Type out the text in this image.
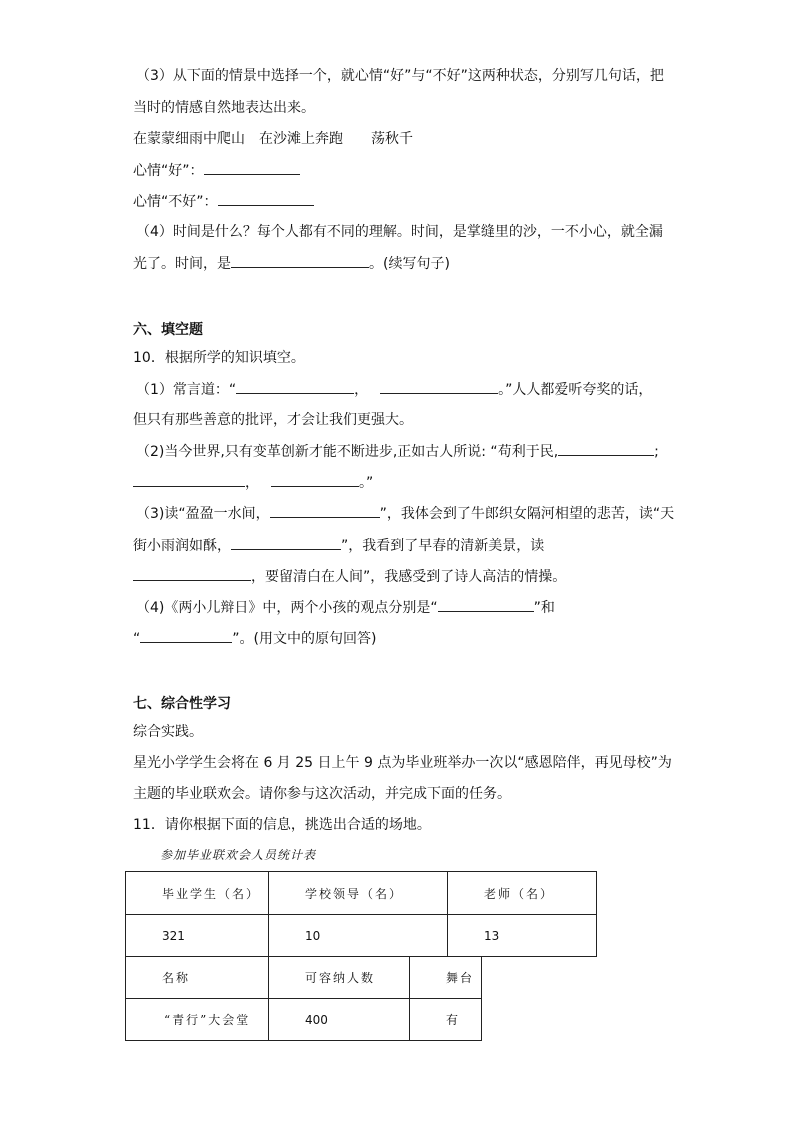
（3）从下面的情景中选择一个，就心情“好”与“不好”这两种状态，分别写几句话，把
当时的情感自然地表达出来。
在蒙蒙细雨中爬山　在沙滩上奔跑　　荡秋千
心情“好”：
心情“不好”：
（4）时间是什么？每个人都有不同的理解。时间，是掌缝里的沙，一不小心，就全漏
光了。时间，是	。(续写句子)
六、填空题
10．根据所学的知识填空。
（1）常言道：“	，	。”人人都爱听夸奖的话，
但只有那些善意的批评，才会让我们更强大。
（2)当今世界,只有变革创新才能不断进步,正如古人所说: “苟利于民,	;
，	。”
（3)读“盈盈一水间，	”，我体会到了牛郎织女隔河相望的悲苦，读“天
街小雨润如酥，	”，我看到了早春的清新美景，读
，要留清白在人间”，我感受到了诗人高洁的情操。
（4)《两小儿辩日》中，两个小孩的观点分别是“	”和
“	”。(用文中的原句回答)
七、综合性学习
综合实践。
星光小学学生会将在 6 月 25 日上午 9 点为毕业班举办一次以“感恩陪伴，再见母校”为
主题的毕业联欢会。请你参与这次活动，并完成下面的任务。
11．请你根据下面的信息，挑选出合适的场地。
参加毕业联欢会人员统计表
毕业学生（名）	学校领导（名）	老师（名）
321	10	13
名称	可容纳人数	舞台
“青行”大会堂	400	有
